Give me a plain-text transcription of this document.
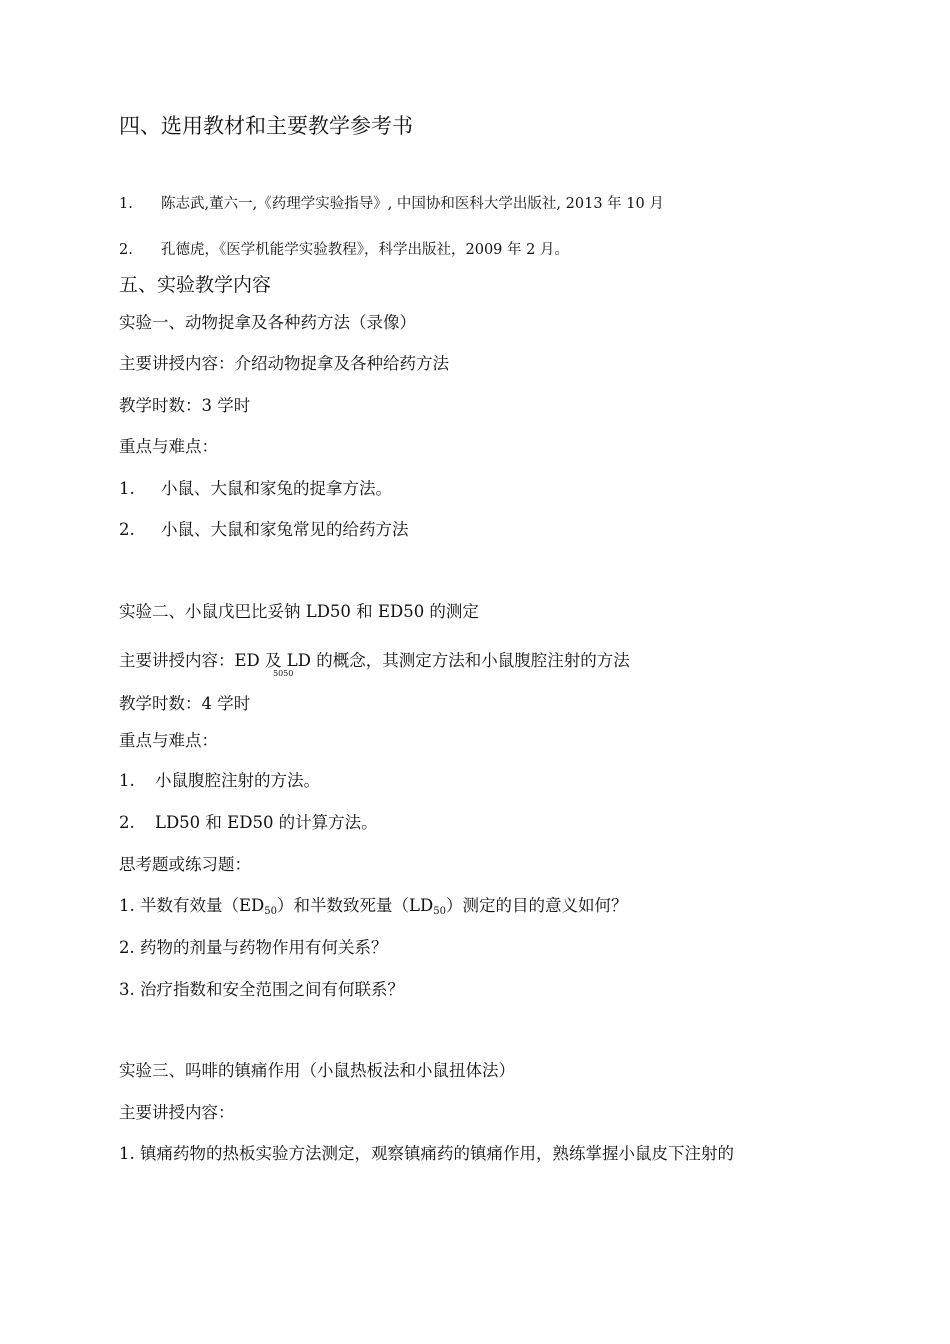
四、选用教材和主要教学参考书
1. 陈志武,董六一,《药理学实验指导》, 中国协和医科大学出版社, 2013 年 10 月
2. 孔德虎，《医学机能学实验教程》，科学出版社，2009 年 2 月。
五、实验教学内容
实验一、动物捉拿及各种药方法（录像）
主要讲授内容：介绍动物捉拿及各种给药方法
教学时数：3 学时
重点与难点：
1. 小鼠、大鼠和家兔的捉拿方法。
2. 小鼠、大鼠和家兔常见的给药方法
实验二、小鼠戊巴比妥钠 LD50 和 ED50 的测定
主要讲授内容：ED 及 LD 的概念，其测定方法和小鼠腹腔注射的方法
5050
教学时数：4 学时
重点与难点：
1. 小鼠腹腔注射的方法。
2. LD50 和 ED50 的计算方法。
思考题或练习题：
1. 半数有效量$(ED_{50})$和半数致死量$(LD_{50})$测定的目的意义如何？
2. 药物的剂量与药物作用有何关系？
3. 治疗指数和安全范围之间有何联系？
实验三、吗啡的镇痛作用（小鼠热板法和小鼠扭体法）
主要讲授内容：
1. 镇痛药物的热板实验方法测定，观察镇痛药的镇痛作用，熟练掌握小鼠皮下注射的
